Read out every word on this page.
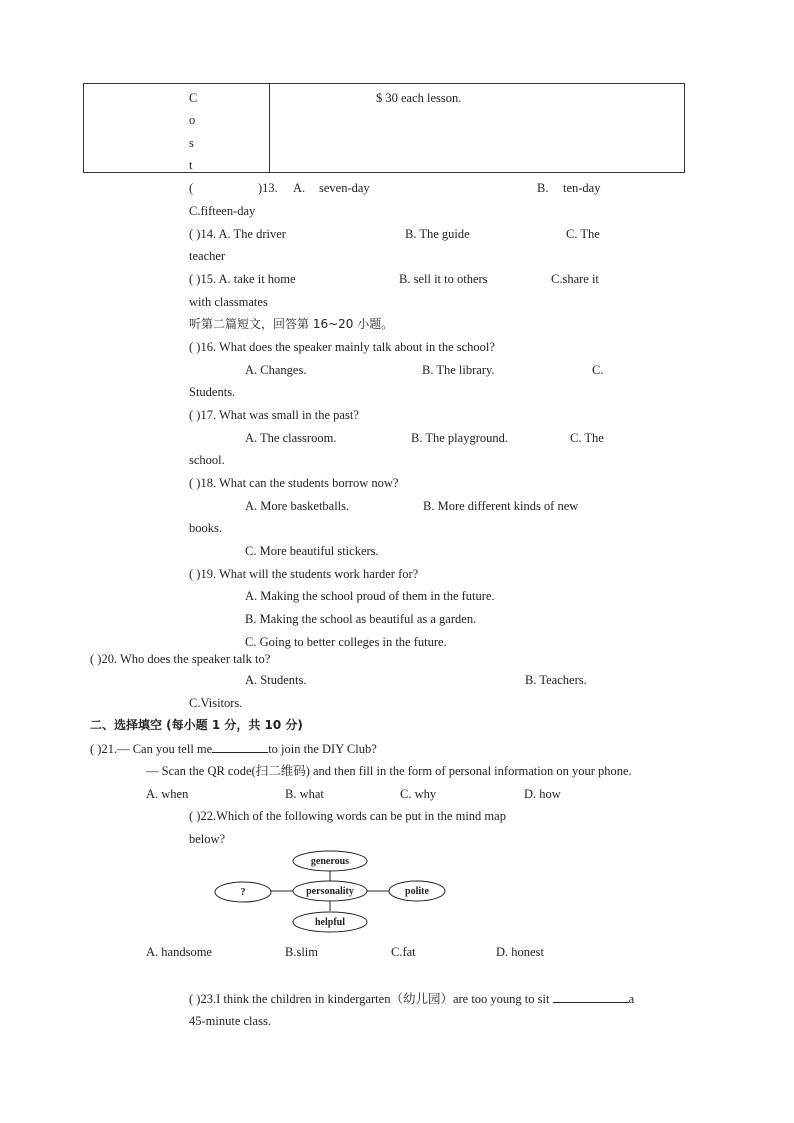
C
o
s
t
$ 30 each lesson.
(	)13. A. seven-day	B. ten-day
C.fifteen-day
( )14. A. The driver	B. The guide	C. The
teacher
( )15. A. take it home	B. sell it to others	C.share it
with classmates
听第二篇短文，回答第 16~20 小题。
( )16. What does the speaker mainly talk about in the school?
A. Changes.	B. The library.	C.
Students.
( )17. What was small in the past?
A. The classroom.	B. The playground.	C. The
school.
( )18. What can the students borrow now?
A. More basketballs.	B. More different kinds of new
books.
C. More beautiful stickers.
( )19. What will the students work harder for?
A. Making the school proud of them in the future.
B. Making the school as beautiful as a garden.
C. Going to better colleges in the future.
( )20. Who does the speaker talk to?
A. Students.	B. Teachers.
C.Visitors.
二、选择填空 (每小题 1 分，共 10 分)
( )21.— Can you tell me	to join the DIY Club?
— Scan the QR code(扫二维码) and then fill in the form of personal information on your phone.
A. when	B. what	C. why	D. how
( )22.Which of the following words can be put in the mind map
below?
generous
personality
helpful
polite
?
A. handsome	B.slim	C.fat	D. honest
( )23.I think the children in kindergarten（幼儿园）are too young to sit	a
45-minute class.
